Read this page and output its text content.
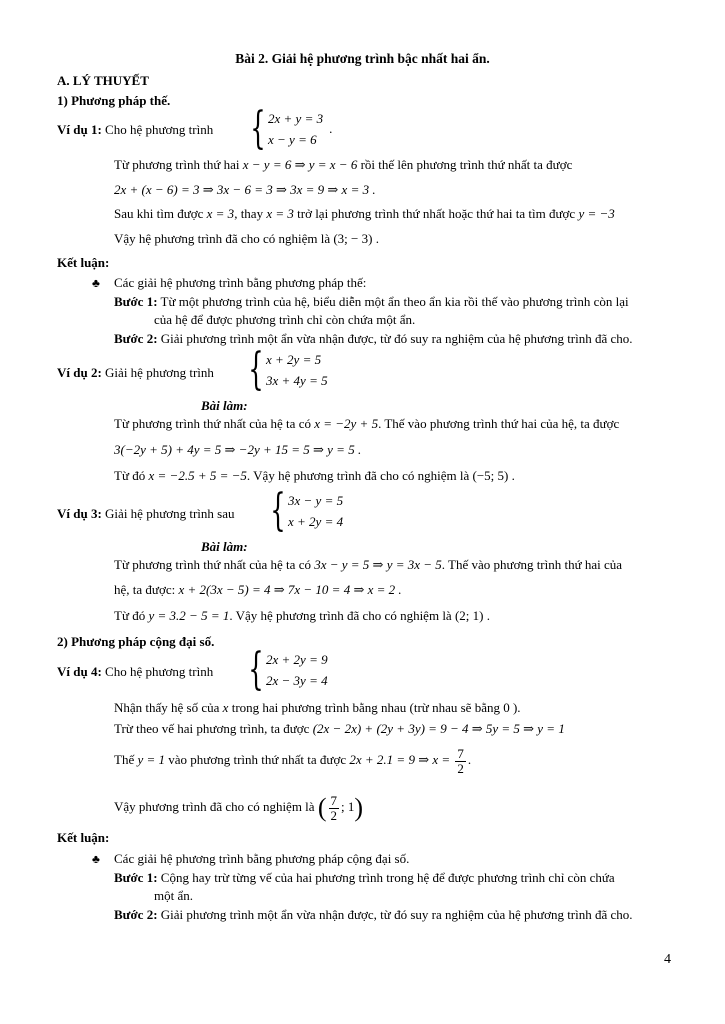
Bài 2. Giải hệ phương trình bậc nhất hai ẩn.
A. LÝ THUYẾT
1) Phương pháp thế.
Ví dụ 1: Cho hệ phương trình { 2x + y = 3
x − y = 6
.
Từ phương trình thứ hai x − y = 6 ⇒ y = x − 6 rồi thế lên phương trình thứ nhất ta được
2x + (x − 6) = 3 ⇒ 3x − 6 = 3 ⇒ 3x = 9 ⇒ x = 3 .
Sau khi tìm được x = 3, thay x = 3 trở lại phương trình thứ nhất hoặc thứ hai ta tìm được y = −3
Vậy hệ phương trình đã cho có nghiệm là (3; − 3) .
Kết luận:
♣ Các giải hệ phương trình bằng phương pháp thế:
Bước 1: Từ một phương trình của hệ, biểu diễn một ẩn theo ẩn kia rồi thế vào phương trình còn lại
của hệ để được phương trình chỉ còn chứa một ẩn.
Bước 2: Giải phương trình một ẩn vừa nhận được, từ đó suy ra nghiệm của hệ phương trình đã cho.
Ví dụ 2: Giải hệ phương trình { x + 2y = 5
3x + 4y = 5
Bài làm:
Từ phương trình thứ nhất của hệ ta có x = −2y + 5. Thế vào phương trình thứ hai của hệ, ta được
3(−2y + 5) + 4y = 5 ⇒ −2y + 15 = 5 ⇒ y = 5 .
Từ đó x = −2.5 + 5 = −5. Vậy hệ phương trình đã cho có nghiệm là (−5; 5) .
Ví dụ 3: Giải hệ phương trình sau { 3x − y = 5
x + 2y = 4
Bài làm:
Từ phương trình thứ nhất của hệ ta có 3x − y = 5 ⇒ y = 3x − 5. Thế vào phương trình thứ hai của
hệ, ta được: x + 2(3x − 5) = 4 ⇒ 7x − 10 = 4 ⇒ x = 2 .
Từ đó y = 3.2 − 5 = 1. Vậy hệ phương trình đã cho có nghiệm là (2; 1) .
2) Phương pháp cộng đại số.
Ví dụ 4: Cho hệ phương trình { 2x + 2y = 9
2x − 3y = 4
Nhận thấy hệ số của x trong hai phương trình bằng nhau (trừ nhau sẽ bằng 0 ).
Trừ theo vế hai phương trình, ta được (2x − 2x) + (2y + 3y) = 9 − 4 ⇒ 5y = 5 ⇒ y = 1
Thế y = 1 vào phương trình thứ nhất ta được 2x + 2.1 = 9 ⇒ $x = \frac{7}{2}$ .
Vậy phương trình đã cho có nghiệm là ( $\frac{7}{2}$ ; 1)
Kết luận:
♣ Các giải hệ phương trình bằng phương pháp cộng đại số.
Bước 1: Cộng hay trừ từng vế của hai phương trình trong hệ để được phương trình chỉ còn chứa
một ẩn.
Bước 2: Giải phương trình một ẩn vừa nhận được, từ đó suy ra nghiệm của hệ phương trình đã cho.
4
